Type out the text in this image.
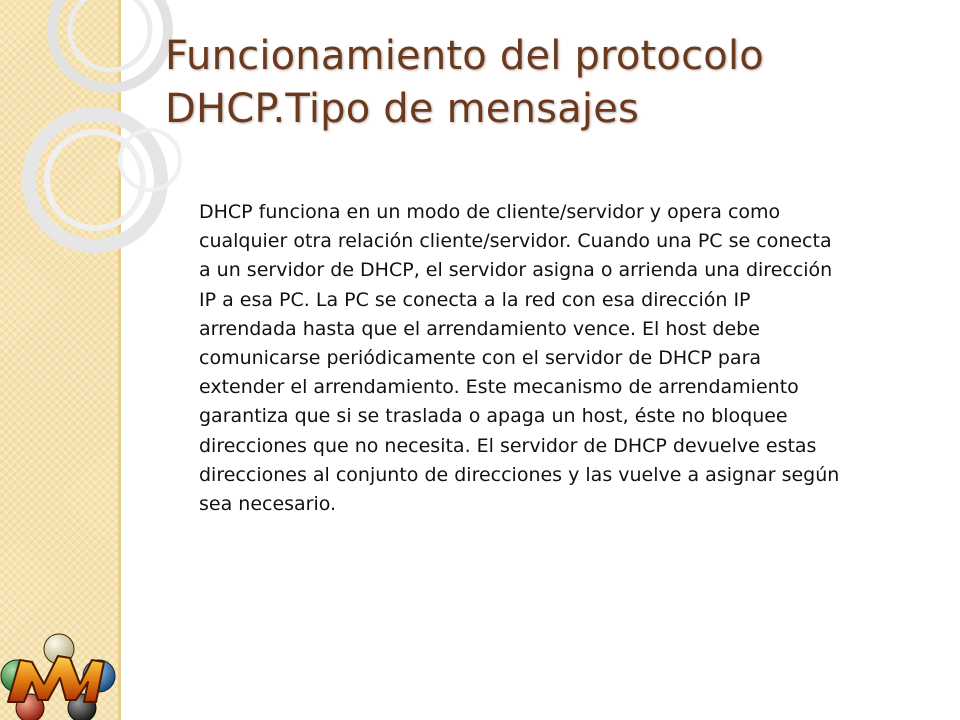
Funcionamiento del protocolo
DHCP.Tipo de mensajes
DHCP funciona en un modo de cliente/servidor y opera como
cualquier otra relación cliente/servidor. Cuando una PC se conecta
a un servidor de DHCP, el servidor asigna o arrienda una dirección
IP a esa PC. La PC se conecta a la red con esa dirección IP
arrendada hasta que el arrendamiento vence. El host debe
comunicarse periódicamente con el servidor de DHCP para
extender el arrendamiento. Este mecanismo de arrendamiento
garantiza que si se traslada o apaga un host, éste no bloquee
direcciones que no necesita. El servidor de DHCP devuelve estas
direcciones al conjunto de direcciones y las vuelve a asignar según
sea necesario.
